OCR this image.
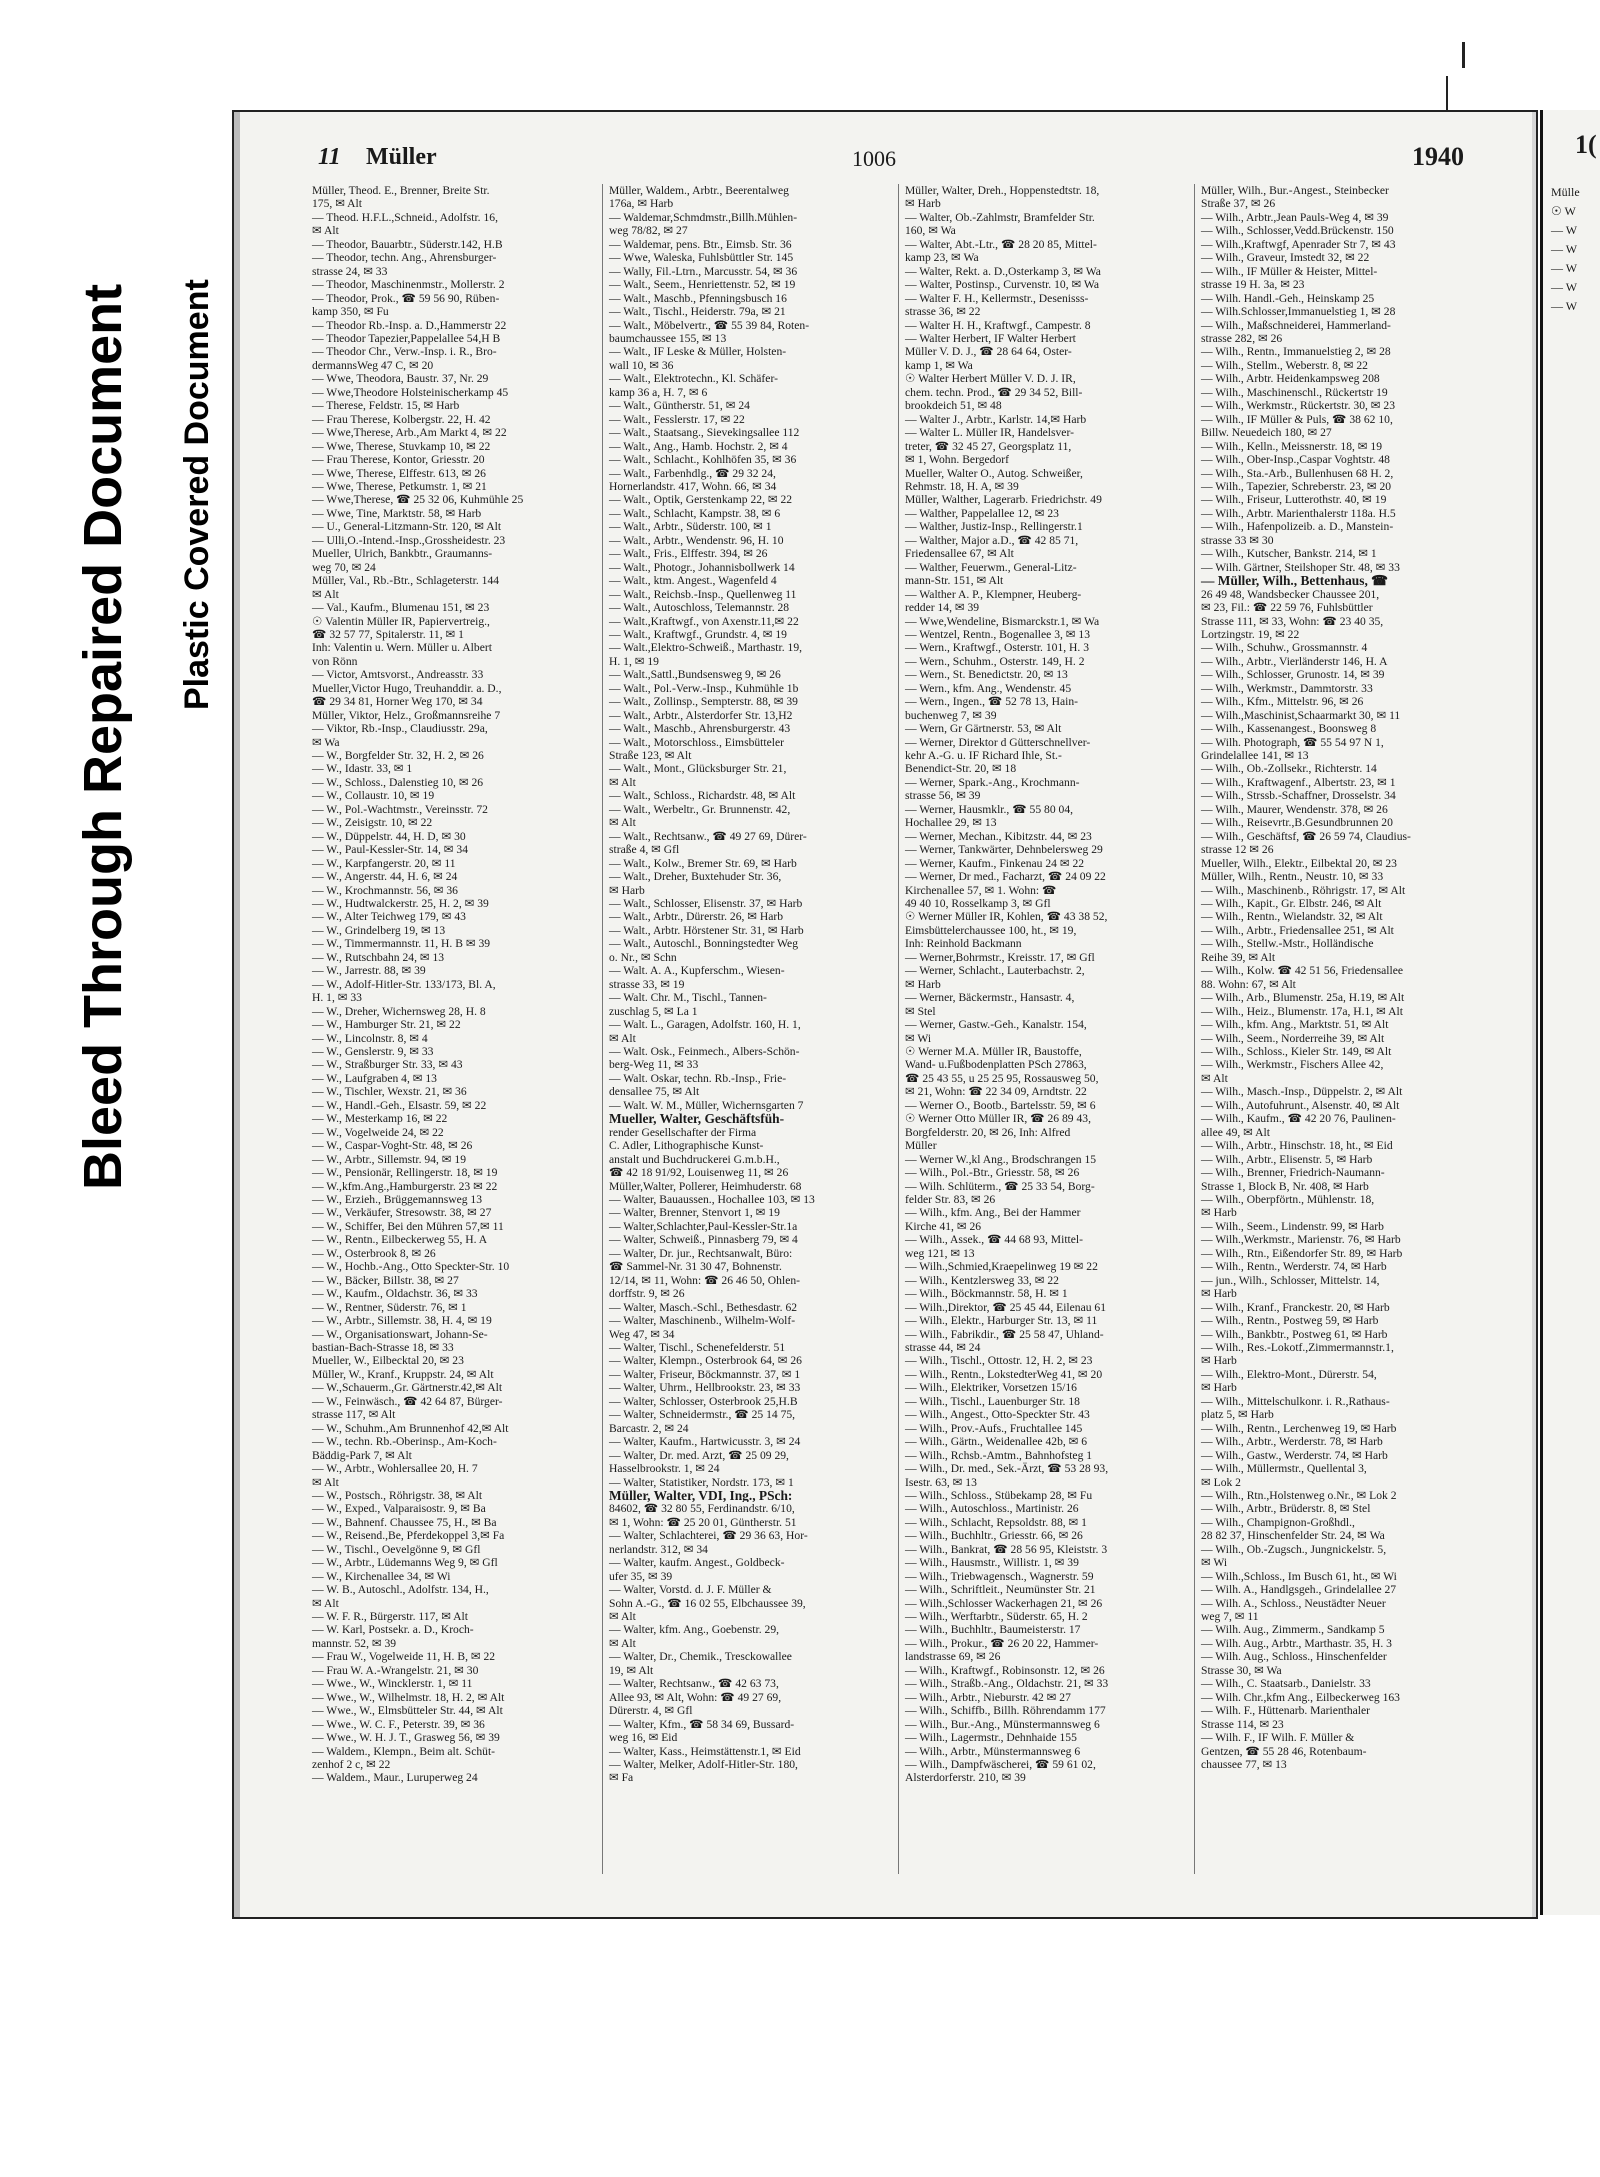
Bleed Through Repaired Document Plastic Covered Document
11 Müller	1006	1940
Müller, Theod. E., Brenner, Breite Str.
175, ✉ Alt
— Theod. H.F.L.,Schneid., Adolfstr. 16,
✉ Alt
— Theodor, Bauarbtr., Süderstr.142, H.B
— Theodor, techn. Ang., Ahrensburger-
strasse 24, ✉ 33
— Theodor, Maschinenmstr., Mollerstr. 2
— Theodor, Prok., ☎ 59 56 90, Rüben-
kamp 350, ✉ Fu
— Theodor Rb.-Insp. a. D.,Hammerstr 22
— Theodor Tapezier,Pappelallee 54,H B
— Theodor Chr., Verw.-Insp. i. R., Bro-
dermannsWeg 47 C, ✉ 20
— Wwe, Theodora, Baustr. 37, Nr. 29
— Wwe,Theodore Holsteinischerkamp 45
— Therese, Feldstr. 15, ✉ Harb
— Frau Therese, Kolbergstr. 22, H. 42
— Wwe,Therese, Arb.,Am Markt 4, ✉ 22
— Wwe, Therese, Stuvkamp 10, ✉ 22
— Frau Therese, Kontor, Griesstr. 20
— Wwe, Therese, Elffestr. 613, ✉ 26
— Wwe, Therese, Petkumstr. 1, ✉ 21
— Wwe,Therese, ☎ 25 32 06, Kuhmühle 25
— Wwe, Tine, Marktstr. 58, ✉ Harb
— U., General-Litzmann-Str. 120, ✉ Alt
— Ulli,O.-Intend.-Insp.,Grossheidestr. 23
Mueller, Ulrich, Bankbtr., Graumanns-
weg 70, ✉ 24
Müller, Val., Rb.-Btr., Schlageterstr. 144
✉ Alt
— Val., Kaufm., Blumenau 151, ✉ 23
☉ Valentin Müller IR, Papiervertreig.,
☎ 32 57 77, Spitalerstr. 11, ✉ 1
Inh: Valentin u. Wern. Müller u. Albert
von Rönn
— Victor, Amtsvorst., Andreasstr. 33
Mueller,Victor Hugo, Treuhanddir. a. D.,
☎ 29 34 81, Horner Weg 170, ✉ 34
Müller, Viktor, Helz., Großmannsreihe 7
— Viktor, Rb.-Insp., Claudiusstr. 29a,
✉ Wa
— W., Borgfelder Str. 32, H. 2, ✉ 26
— W., Idastr. 33, ✉ 1
— W., Schloss., Dalenstieg 10, ✉ 26
— W., Collaustr. 10, ✉ 19
— W., Pol.-Wachtmstr., Vereinsstr. 72
— W., Zeisigstr. 10, ✉ 22
— W., Düppelstr. 44, H. D, ✉ 30
— W., Paul-Kessler-Str. 14, ✉ 34
— W., Karpfangerstr. 20, ✉ 11
— W., Angerstr. 44, H. 6, ✉ 24
— W., Krochmannstr. 56, ✉ 36
— W., Hudtwalckerstr. 25, H. 2, ✉ 39
— W., Alter Teichweg 179, ✉ 43
— W., Grindelberg 19, ✉ 13
— W., Timmermannstr. 11, H. B ✉ 39
— W., Rutschbahn 24, ✉ 13
— W., Jarrestr. 88, ✉ 39
— W., Adolf-Hitler-Str. 133/173, Bl. A,
H. 1, ✉ 33
— W., Dreher, Wichernsweg 28, H. 8
— W., Hamburger Str. 21, ✉ 22
— W., Lincolnstr. 8, ✉ 4
— W., Genslerstr. 9, ✉ 33
— W., Straßburger Str. 33, ✉ 43
— W., Laufgraben 4, ✉ 13
— W., Tischler, Wexstr. 21, ✉ 36
— W., Handl.-Geh., Elsastr. 59, ✉ 22
— W., Mesterkamp 16, ✉ 22
— W., Vogelweide 24, ✉ 22
— W., Caspar-Voght-Str. 48, ✉ 26
— W., Arbtr., Sillemstr. 94, ✉ 19
— W., Pensionär, Rellingerstr. 18, ✉ 19
— W.,kfm.Ang.,Hamburgerstr. 23 ✉ 22
— W., Erzieh., Brüggemannsweg 13
— W., Verkäufer, Stresowstr. 38, ✉ 27
— W., Schiffer, Bei den Mühren 57,✉ 11
— W., Rentn., Eilbeckerweg 55, H. A
— W., Osterbrook 8, ✉ 26
— W., Hochb.-Ang., Otto Speckter-Str. 10
— W., Bäcker, Billstr. 38, ✉ 27
— W., Kaufm., Oldachstr. 36, ✉ 33
— W., Rentner, Süderstr. 76, ✉ 1
— W., Arbtr., Sillemstr. 38, H. 4, ✉ 19
— W., Organisationswart, Johann-Se-
bastian-Bach-Strasse 18, ✉ 33
Mueller, W., Eilbecktal 20, ✉ 23
Müller, W., Kranf., Kruppstr. 24, ✉ Alt
— W.,Schauerm.,Gr. Gärtnerstr.42,✉ Alt
— W., Feinwäsch., ☎ 42 64 87, Bürger-
strasse 117, ✉ Alt
— W., Schuhm.,Am Brunnenhof 42,✉ Alt
— W., techn. Rb.-Oberinsp., Am-Koch-
Bäddig-Park 7, ✉ Alt
— W., Arbtr., Wohlersallee 20, H. 7
✉ Alt
— W., Postsch., Röhrigstr. 38, ✉ Alt
— W., Exped., Valparaisostr. 9, ✉ Ba
— W., Bahnenf. Chaussee 75, H., ✉ Ba
— W., Reisend.,Be, Pferdekoppel 3,✉ Fa
— W., Tischl., Oevelgönne 9, ✉ Gfl
— W., Arbtr., Lüdemanns Weg 9, ✉ Gfl
— W., Kirchenallee 34, ✉ Wi
— W. B., Autoschl., Adolfstr. 134, H.,
✉ Alt
— W. F. R., Bürgerstr. 117, ✉ Alt
— W. Karl, Postsekr. a. D., Kroch-
mannstr. 52, ✉ 39
— Frau W., Vogelweide 11, H. B, ✉ 22
— Frau W. A.-Wrangelstr. 21, ✉ 30
— Wwe., W., Wincklerstr. 1, ✉ 11
— Wwe., W., Wilhelmstr. 18, H. 2, ✉ Alt
— Wwe., W., Elmsbütteler Str. 44, ✉ Alt
— Wwe., W. C. F., Peterstr. 39, ✉ 36
— Wwe., W. H. J. T., Grasweg 56, ✉ 39
— Waldem., Klempn., Beim alt. Schüt-
zenhof 2 c, ✉ 22
— Waldem., Maur., Luruperweg 24
Müller, Waldem., Arbtr., Beerentalweg
176a, ✉ Harb
— Waldemar,Schmdmstr.,Billh.Mühlen-
weg 78/82, ✉ 27
— Waldemar, pens. Btr., Eimsb. Str. 36
— Wwe, Waleska, Fuhlsbüttler Str. 145
— Wally, Fil.-Ltrn., Marcusstr. 54, ✉ 36
— Walt., Seem., Henriettenstr. 52, ✉ 19
— Walt., Maschb., Pfenningsbusch 16
— Walt., Tischl., Heiderstr. 79a, ✉ 21
— Walt., Möbelvertr., ☎ 55 39 84, Roten-
baumchaussee 155, ✉ 13
— Walt., IF Leske & Müller, Holsten-
wall 10, ✉ 36
— Walt., Elektrotechn., Kl. Schäfer-
kamp 36 a, H. 7, ✉ 6
— Walt., Güntherstr. 51, ✉ 24
— Walt., Fesslerstr. 17, ✉ 22
— Walt., Staatsang., Sievekingsallee 112
— Walt., Ang., Hamb. Hochstr. 2, ✉ 4
— Walt., Schlacht., Kohlhöfen 35, ✉ 36
— Walt., Farbenhdlg., ☎ 29 32 24,
Hornerlandstr. 417, Wohn. 66, ✉ 34
— Walt., Optik, Gerstenkamp 22, ✉ 22
— Walt., Schlacht, Kampstr. 38, ✉ 6
— Walt., Arbtr., Süderstr. 100, ✉ 1
— Walt., Arbtr., Wendenstr. 96, H. 10
— Walt., Fris., Elffestr. 394, ✉ 26
— Walt., Photogr., Johannisbollwerk 14
— Walt., ktm. Angest., Wagenfeld 4
— Walt., Reichsb.-Insp., Quellenweg 11
— Walt., Autoschloss, Telemannstr. 28
— Walt.,Kraftwgf., von Axenstr.11,✉ 22
— Walt., Kraftwgf., Grundstr. 4, ✉ 19
— Walt.,Elektro-Schweiß., Marthastr. 19,
H. 1, ✉ 19
— Walt.,Sattl.,Bundsensweg 9, ✉ 26
— Walt., Pol.-Verw.-Insp., Kuhmühle 1b
— Walt., Zollinsp., Sempterstr. 88, ✉ 39
— Walt., Arbtr., Alsterdorfer Str. 13,H2
— Walt., Maschb., Ahrensburgerstr. 43
— Walt., Motorschloss., Eimsbütteler
Straße 123, ✉ Alt
— Walt., Mont., Glücksburger Str. 21,
✉ Alt
— Walt., Schloss., Richardstr. 48, ✉ Alt
— Walt., Werbeltr., Gr. Brunnenstr. 42,
✉ Alt
— Walt., Rechtsanw., ☎ 49 27 69, Dürer-
straße 4, ✉ Gfl
— Walt., Kolw., Bremer Str. 69, ✉ Harb
— Walt., Dreher, Buxtehuder Str. 36,
✉ Harb
— Walt., Schlosser, Elisenstr. 37, ✉ Harb
— Walt., Arbtr., Dürerstr. 26, ✉ Harb
— Walt., Arbtr. Hörstener Str. 31, ✉ Harb
— Walt., Autoschl., Bonningstedter Weg
o. Nr., ✉ Schn
— Walt. A. A., Kupferschm., Wiesen-
strasse 33, ✉ 19
— Walt. Chr. M., Tischl., Tannen-
zuschlag 5, ✉ La 1
— Walt. L., Garagen, Adolfstr. 160, H. 1,
✉ Alt
— Walt. Osk., Feinmech., Albers-Schön-
berg-Weg 11, ✉ 33
— Walt. Oskar, techn. Rb.-Insp., Frie-
densallee 75, ✉ Alt
— Walt. W. M., Müller, Wichernsgarten 7
Mueller, Walter, Geschäftsfüh-
render Gesellschafter der Firma
C. Adler, Lithographische Kunst-
anstalt und Buchdruckerei G.m.b.H.,
☎ 42 18 91/92, Louisenweg 11, ✉ 26
Müller,Walter, Pollerer, Heimhuderstr. 68
— Walter, Bauaussen., Hochallee 103, ✉ 13
— Walter, Brenner, Stenvort 1, ✉ 19
— Walter,Schlachter,Paul-Kessler-Str.1a
— Walter, Schweiß., Pinnasberg 79, ✉ 4
— Walter, Dr. jur., Rechtsanwalt, Büro:
☎ Sammel-Nr. 31 30 47, Bohnenstr.
12/14, ✉ 11, Wohn: ☎ 26 46 50, Ohlen-
dorffstr. 9, ✉ 26
— Walter, Masch.-Schl., Bethesdastr. 62
— Walter, Maschinenb., Wilhelm-Wolf-
Weg 47, ✉ 34
— Walter, Tischl., Schenefelderstr. 51
— Walter, Klempn., Osterbrook 64, ✉ 26
— Walter, Friseur, Böckmannstr. 37, ✉ 1
— Walter, Uhrm., Hellbrookstr. 23, ✉ 33
— Walter, Schlosser, Osterbrook 25,H.B
— Walter, Schneidermstr., ☎ 25 14 75,
Barcastr. 2, ✉ 24
— Walter, Kaufm., Hartwicusstr. 3, ✉ 24
— Walter, Dr. med. Arzt, ☎ 25 09 29,
Hasselbrookstr. 1, ✉ 24
— Walter, Statistiker, Nordstr. 173, ✉ 1
Müller, Walter, VDI, Ing., PSch:
84602, ☎ 32 80 55, Ferdinandstr. 6/10,
✉ 1, Wohn: ☎ 25 20 01, Güntherstr. 51
— Walter, Schlachterei, ☎ 29 36 63, Hor-
nerlandstr. 312, ✉ 34
— Walter, kaufm. Angest., Goldbeck-
ufer 35, ✉ 39
— Walter, Vorstd. d. J. F. Müller &
Sohn A.-G., ☎ 16 02 55, Elbchaussee 39,
✉ Alt
— Walter, kfm. Ang., Goebenstr. 29,
✉ Alt
— Walter, Dr., Chemik., Tresckowallee
19, ✉ Alt
— Walter, Rechtsanw., ☎ 42 63 73,
Allee 93, ✉ Alt, Wohn: ☎ 49 27 69,
Dürerstr. 4, ✉ Gfl
— Walter, Kfm., ☎ 58 34 69, Bussard-
weg 16, ✉ Eid
— Walter, Kass., Heimstättenstr.1, ✉ Eid
— Walter, Melker, Adolf-Hitler-Str. 180,
✉ Fa
Müller, Walter, Dreh., Hoppenstedtstr. 18,
✉ Harb
— Walter, Ob.-Zahlmstr, Bramfelder Str.
160, ✉ Wa
— Walter, Abt.-Ltr., ☎ 28 20 85, Mittel-
kamp 23, ✉ Wa
— Walter, Rekt. a. D.,Osterkamp 3, ✉ Wa
— Walter, Postinsp., Curvenstr. 10, ✉ Wa
— Walter F. H., Kellermstr., Desenisss-
strasse 36, ✉ 22
— Walter H. H., Kraftwgf., Campestr. 8
— Walter Herbert, IF Walter Herbert
Müller V. D. J., ☎ 28 64 64, Oster-
kamp 1, ✉ Wa
☉ Walter Herbert Müller V. D. J. IR,
chem. techn. Prod., ☎ 29 34 52, Bill-
brookdeich 51, ✉ 48
— Walter J., Arbtr., Karlstr. 14,✉ Harb
— Walter L. Müller IR, Handelsver-
treter, ☎ 32 45 27, Georgsplatz 11,
✉ 1, Wohn. Bergedorf
Mueller, Walter O., Autog. Schweißer,
Rehmstr. 18, H. A, ✉ 39
Müller, Walther, Lagerarb. Friedrichstr. 49
— Walther, Pappelallee 12, ✉ 23
— Walther, Justiz-Insp., Rellingerstr.1
— Walther, Major a.D., ☎ 42 85 71,
Friedensallee 67, ✉ Alt
— Walther, Feuerwm., General-Litz-
mann-Str. 151, ✉ Alt
— Walther A. P., Klempner, Heuberg-
redder 14, ✉ 39
— Wwe,Wendeline, Bismarckstr.1, ✉ Wa
— Wentzel, Rentn., Bogenallee 3, ✉ 13
— Wern., Kraftwgf., Osterstr. 101, H. 3
— Wern., Schuhm., Osterstr. 149, H. 2
— Wern., St. Benedictstr. 20, ✉ 13
— Wern., kfm. Ang., Wendenstr. 45
— Wern., Ingen., ☎ 52 78 13, Hain-
buchenweg 7, ✉ 39
— Wern, Gr Gärtnerstr. 53, ✉ Alt
— Werner, Direktor d Gütterschnellver-
kehr A.-G. u. IF Richard Ihle, St.-
Benendict-Str. 20, ✉ 18
— Werner, Spark.-Ang., Krochmann-
strasse 56, ✉ 39
— Werner, Hausmklr., ☎ 55 80 04,
Hochallee 29, ✉ 13
— Werner, Mechan., Kibitzstr. 44, ✉ 23
— Werner, Tankwärter, Dehnbelersweg 29
— Werner, Kaufm., Finkenau 24 ✉ 22
— Werner, Dr med., Facharzt, ☎ 24 09 22
Kirchenallee 57, ✉ 1. Wohn: ☎
49 40 10, Rosselkamp 3, ✉ Gfl
☉ Werner Müller IR, Kohlen, ☎ 43 38 52,
Eimsbüttelerchaussee 100, ht., ✉ 19,
Inh: Reinhold Backmann
— Werner,Bohrmstr., Kreisstr. 17, ✉ Gfl
— Werner, Schlacht., Lauterbachstr. 2,
✉ Harb
— Werner, Bäckermstr., Hansastr. 4,
✉ Stel
— Werner, Gastw.-Geh., Kanalstr. 154,
✉ Wi
☉ Werner M.A. Müller IR, Baustoffe,
Wand- u.Fußbodenplatten PSch 27863,
☎ 25 43 55, u 25 25 95, Rossausweg 50,
✉ 21, Wohn: ☎ 22 34 09, Arndtstr. 22
— Werner O., Bootb., Bartelsstr. 59, ✉ 6
☉ Werner Otto Müller IR, ☎ 26 89 43,
Borgfelderstr. 20, ✉ 26, Inh: Alfred
Müller
— Werner W.,kl Ang., Brodschrangen 15
— Wilh., Pol.-Btr., Griesstr. 58, ✉ 26
— Wilh. Schlüterm., ☎ 25 33 54, Borg-
felder Str. 83, ✉ 26
— Wilh., kfm. Ang., Bei der Hammer
Kirche 41, ✉ 26
— Wilh., Assek., ☎ 44 68 93, Mittel-
weg 121, ✉ 13
— Wilh.,Schmied,Kraepelinweg 19 ✉ 22
— Wilh., Kentzlersweg 33, ✉ 22
— Wilh., Böckmannstr. 58, H. ✉ 1
— Wilh.,Direktor, ☎ 25 45 44, Eilenau 61
— Wilh., Elektr., Harburger Str. 13, ✉ 11
— Wilh., Fabrikdir., ☎ 25 58 47, Uhland-
strasse 44, ✉ 24
— Wilh., Tischl., Ottostr. 12, H. 2, ✉ 23
— Wilh., Rentn., LokstedterWeg 41, ✉ 20
— Wilh., Elektriker, Vorsetzen 15/16
— Wilh., Tischl., Lauenburger Str. 18
— Wilh., Angest., Otto-Speckter Str. 43
— Wilh., Prov.-Aufs., Fruchtallee 145
— Wilh., Gärtn., Weidenallee 42b, ✉ 6
— Wilh., Rchsb.-Amtm., Bahnhofsteg 1
— Wilh., Dr. med., Sek.-Ärzt, ☎ 53 28 93,
Isestr. 63, ✉ 13
— Wilh., Schloss., Stübekamp 28, ✉ Fu
— Wilh., Autoschloss., Martinistr. 26
— Wilh., Schlacht, Repsoldstr. 88, ✉ 1
— Wilh., Buchhltr., Griesstr. 66, ✉ 26
— Wilh., Bankrat, ☎ 28 56 95, Kleiststr. 3
— Wilh., Hausmstr., Willistr. 1, ✉ 39
— Wilh., Triebwagensch., Wagnerstr. 59
— Wilh., Schriftleit., Neumünster Str. 21
— Wilh.,Schlosser Wackerhagen 21, ✉ 26
— Wilh., Werftarbtr., Süderstr. 65, H. 2
— Wilh., Buchhltr., Baumeisterstr. 17
— Wilh., Prokur., ☎ 26 20 22, Hammer-
landstrasse 69, ✉ 26
— Wilh., Kraftwgf., Robinsonstr. 12, ✉ 26
— Wilh., Straßb.-Ang., Oldachstr. 21, ✉ 33
— Wilh., Arbtr., Nieburstr. 42 ✉ 27
— Wilh., Schiffb., Billh. Röhrendamm 177
— Wilh., Bur.-Ang., Münstermannsweg 6
— Wilh., Lagermstr., Dehnhaide 155
— Wilh., Arbtr., Münstermannsweg 6
— Wilh., Dampfwäscherei, ☎ 59 61 02,
Alsterdorferstr. 210, ✉ 39
Müller, Wilh., Bur.-Angest., Steinbecker
Straße 37, ✉ 26
— Wilh., Arbtr.,Jean Pauls-Weg 4, ✉ 39
— Wilh., Schlosser,Vedd.Brückenstr. 150
— Wilh.,Kraftwgf, Apenrader Str 7, ✉ 43
— Wilh., Graveur, Imstedt 32, ✉ 22
— Wilh., IF Müller & Heister, Mittel-
strasse 19 H. 3a, ✉ 23
— Wilh. Handl.-Geh., Heinskamp 25
— Wilh.Schlosser,Immanuelstieg 1, ✉ 28
— Wilh., Maßschneiderei, Hammerland-
strasse 282, ✉ 26
— Wilh., Rentn., Immanuelstieg 2, ✉ 28
— Wilh., Stellm., Weberstr. 8, ✉ 22
— Wilh., Arbtr. Heidenkampsweg 208
— Wilh., Maschinenschl., Rückertstr 19
— Wilh., Werkmstr., Rückertstr. 30, ✉ 23
— Wilh., IF Müller & Puls, ☎ 38 62 10,
Billw. Neuedeich 180, ✉ 27
— Wilh., Kelln., Meissnerstr. 18, ✉ 19
— Wilh., Ober-Insp.,Caspar Voghtstr. 48
— Wilh., Sta.-Arb., Bullenhusen 68 H. 2,
— Wilh., Tapezier, Schreberstr. 23, ✉ 20
— Wilh., Friseur, Lutterothstr. 40, ✉ 19
— Wilh., Arbtr. Marienthalerstr 118a. H.5
— Wilh., Hafenpolizeib. a. D., Manstein-
strasse 33 ✉ 30
— Wilh., Kutscher, Bankstr. 214, ✉ 1
— Wilh. Gärtner, Steilshoper Str. 48, ✉ 33
— Müller, Wilh., Bettenhaus, ☎
26 49 48, Wandsbecker Chaussee 201,
✉ 23, Fil.: ☎ 22 59 76, Fuhlsbüttler
Strasse 111, ✉ 33, Wohn: ☎ 23 40 35,
Lortzingstr. 19, ✉ 22
— Wilh., Schuhw., Grossmannstr. 4
— Wilh., Arbtr., Vierländerstr 146, H. A
— Wilh., Schlosser, Grunostr. 14, ✉ 39
— Wilh., Werkmstr., Dammtorstr. 33
— Wilh., Kfm., Mittelstr. 96, ✉ 26
— Wilh.,Maschinist,Schaarmarkt 30, ✉ 11
— Wilh., Kassenangest., Boonsweg 8
— Wilh. Photograph, ☎ 55 54 97 N 1,
Grindelallee 141, ✉ 13
— Wilh., Ob.-Zollsekr., Richterstr. 14
— Wilh., Kraftwagenf., Albertstr. 23, ✉ 1
— Wilh., Strssb.-Schaffner, Drosselstr. 34
— Wilh., Maurer, Wendenstr. 378, ✉ 26
— Wilh., Reisevrtr.,B.Gesundbrunnen 20
— Wilh., Geschäftsf, ☎ 26 59 74, Claudius-
strasse 12 ✉ 26
Mueller, Wilh., Elektr., Eilbektal 20, ✉ 23
Müller, Wilh., Rentn., Neustr. 10, ✉ 33
— Wilh., Maschinenb., Röhrigstr. 17, ✉ Alt
— Wilh., Kapit., Gr. Elbstr. 246, ✉ Alt
— Wilh., Rentn., Wielandstr. 32, ✉ Alt
— Wilh., Arbtr., Friedensallee 251, ✉ Alt
— Wilh., Stellw.-Mstr., Holländische
Reihe 39, ✉ Alt
— Wilh., Kolw. ☎ 42 51 56, Friedensallee
88. Wohn: 67, ✉ Alt
— Wilh., Arb., Blumenstr. 25a, H.19, ✉ Alt
— Wilh., Heiz., Blumenstr. 17a, H.1, ✉ Alt
— Wilh., kfm. Ang., Marktstr. 51, ✉ Alt
— Wilh., Seem., Norderreihe 39, ✉ Alt
— Wilh., Schloss., Kieler Str. 149, ✉ Alt
— Wilh., Werkmstr., Fischers Allee 42,
✉ Alt
— Wilh., Masch.-Insp., Düppelstr. 2, ✉ Alt
— Wilh., Autofuhrunt., Alsenstr. 40, ✉ Alt
— Wilh., Kaufm., ☎ 42 20 76, Paulinen-
allee 49, ✉ Alt
— Wilh., Arbtr., Hinschstr. 18, ht., ✉ Eid
— Wilh., Arbtr., Elisenstr. 5, ✉ Harb
— Wilh., Brenner, Friedrich-Naumann-
Strasse 1, Block B, Nr. 408, ✉ Harb
— Wilh., Oberpförtn., Mühlenstr. 18,
✉ Harb
— Wilh., Seem., Lindenstr. 99, ✉ Harb
— Wilh.,Werkmstr., Marienstr. 76, ✉ Harb
— Wilh., Rtn., Eißendorfer Str. 89, ✉ Harb
— Wilh., Rentn., Werderstr. 74, ✉ Harb
— jun., Wilh., Schlosser, Mittelstr. 14,
✉ Harb
— Wilh., Kranf., Franckestr. 20, ✉ Harb
— Wilh., Rentn., Postweg 59, ✉ Harb
— Wilh., Bankbtr., Postweg 61, ✉ Harb
— Wilh., Res.-Lokotf.,Zimmermannstr.1,
✉ Harb
— Wilh., Elektro-Mont., Dürerstr. 54,
✉ Harb
— Wilh., Mittelschulkonr. i. R.,Rathaus-
platz 5, ✉ Harb
— Wilh., Rentn., Lerchenweg 19, ✉ Harb
— Wilh., Arbtr., Werderstr. 78, ✉ Harb
— Wilh., Gastw., Werderstr. 74, ✉ Harb
— Wilh., Müllermstr., Quellental 3,
✉ Lok 2
— Wilh., Rtn.,Holstenweg o.Nr., ✉ Lok 2
— Wilh., Arbtr., Brüderstr. 8, ✉ Stel
— Wilh., Champignon-Großhdl.,
28 82 37, Hinschenfelder Str. 24, ✉ Wa
— Wilh., Ob.-Zugsch., Jungnickelstr. 5,
✉ Wi
— Wilh.,Schloss., Im Busch 61, ht., ✉ Wi
— Wilh. A., Handlgsgeh., Grindelallee 27
— Wilh. A., Schloss., Neustädter Neuer
weg 7, ✉ 11
— Wilh. Aug., Zimmerm., Sandkamp 5
— Wilh. Aug., Arbtr., Marthastr. 35, H. 3
— Wilh. Aug., Schloss., Hinschenfelder
Strasse 30, ✉ Wa
— Wilh., C. Staatsarb., Danielstr. 33
— Wilh. Chr.,kfm Ang., Eilbeckerweg 163
— Wilh. F., Hüttenarb. Marienthaler
Strasse 114, ✉ 23
— Wilh. F., IF Wilh. F. Müller &
Gentzen, ☎ 55 28 46, Rotenbaum-
chaussee 77, ✉ 13
1(
Mülle
☉ W
— W
— W
— W
— W
— W
